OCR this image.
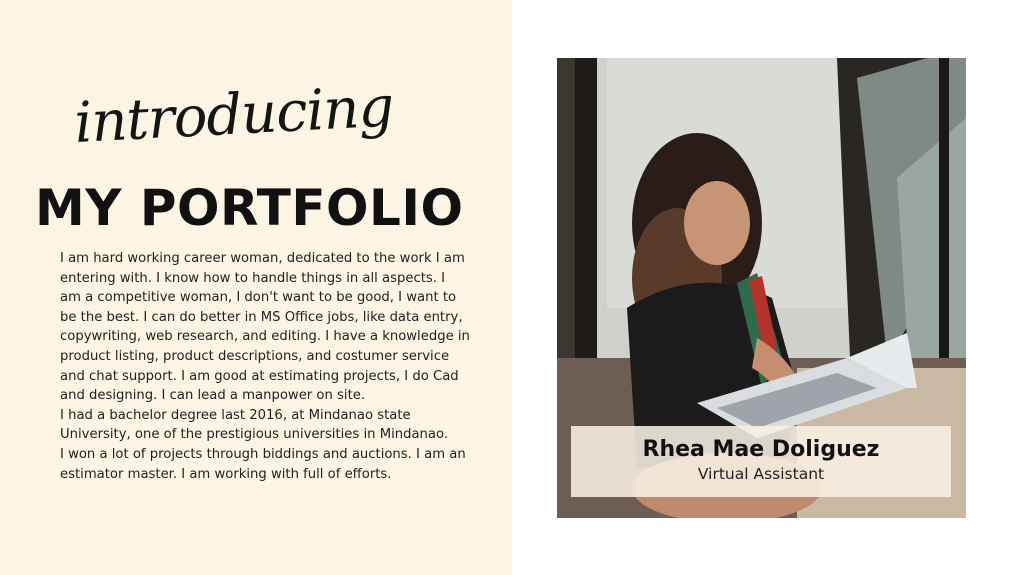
introducing
MY PORTFOLIO

I am hard working career woman, dedicated to the work I am entering with. I know how to handle things in all aspects. I am a competitive woman, I don't want to be good, I want to be the best. I can do better in MS Office jobs, like data entry, copywriting, web research, and editing. I have a knowledge in product listing, product descriptions, and costumer service and chat support. I am good at estimating projects, I do Cad and designing. I can lead a manpower on site.

I had a bachelor degree last 2016, at Mindanao state University, one of the prestigious universities in Mindanao.

I won a lot of projects through biddings and auctions. I am an estimator master. I am working with full of efforts.

Rhea Mae Doliguez
Virtual Assistant
